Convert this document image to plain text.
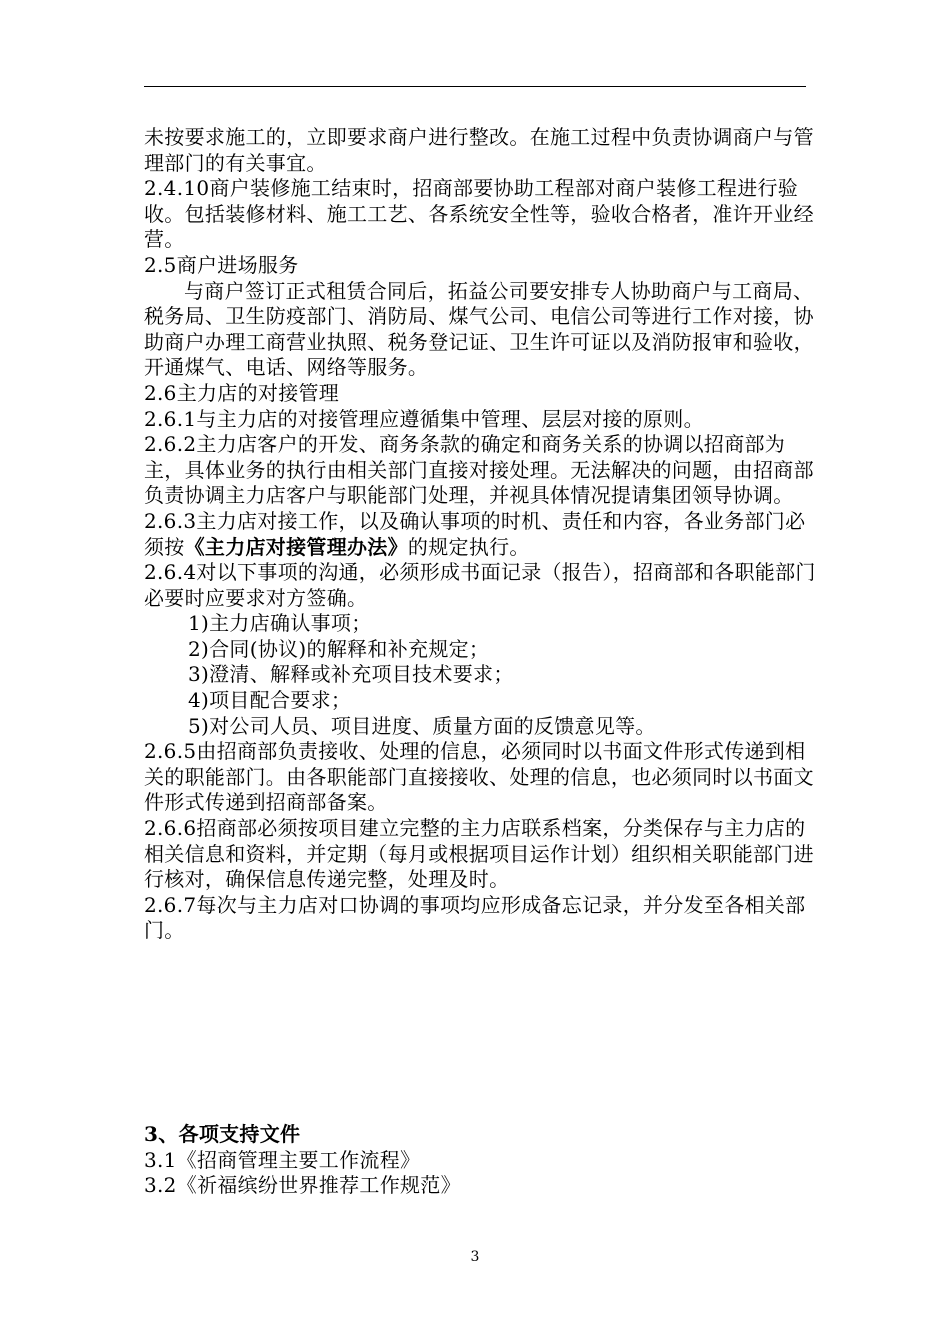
未按要求施工的，立即要求商户进行整改。在施工过程中负责协调商户与管理部门的有关事宜。

2.4.10商户装修施工结束时，招商部要协助工程部对商户装修工程进行验收。包括装修材料、施工工艺、各系统安全性等，验收合格者，准许开业经营。

2.5商户进场服务

与商户签订正式租赁合同后，拓益公司要安排专人协助商户与工商局、税务局、卫生防疫部门、消防局、煤气公司、电信公司等进行工作对接，协助商户办理工商营业执照、税务登记证、卫生许可证以及消防报审和验收，开通煤气、电话、网络等服务。

2.6主力店的对接管理

2.6.1与主力店的对接管理应遵循集中管理、层层对接的原则。

2.6.2主力店客户的开发、商务条款的确定和商务关系的协调以招商部为主，具体业务的执行由相关部门直接对接处理。无法解决的问题，由招商部负责协调主力店客户与职能部门处理，并视具体情况提请集团领导协调。

2.6.3主力店对接工作，以及确认事项的时机、责任和内容，各业务部门必须按《主力店对接管理办法》的规定执行。

2.6.4对以下事项的沟通，必须形成书面记录（报告），招商部和各职能部门必要时应要求对方签确。

1)主力店确认事项；

2)合同(协议)的解释和补充规定；

3)澄清、解释或补充项目技术要求；

4)项目配合要求；

5)对公司人员、项目进度、质量方面的反馈意见等。

2.6.5由招商部负责接收、处理的信息，必须同时以书面文件形式传递到相关的职能部门。由各职能部门直接接收、处理的信息，也必须同时以书面文件形式传递到招商部备案。

2.6.6招商部必须按项目建立完整的主力店联系档案，分类保存与主力店的相关信息和资料，并定期（每月或根据项目运作计划）组织相关职能部门进行核对，确保信息传递完整，处理及时。

2.6.7每次与主力店对口协调的事项均应形成备忘记录，并分发至各相关部门。

3、各项支持文件

3.1《招商管理主要工作流程》

3.2《祈福缤纷世界推荐工作规范》

3
